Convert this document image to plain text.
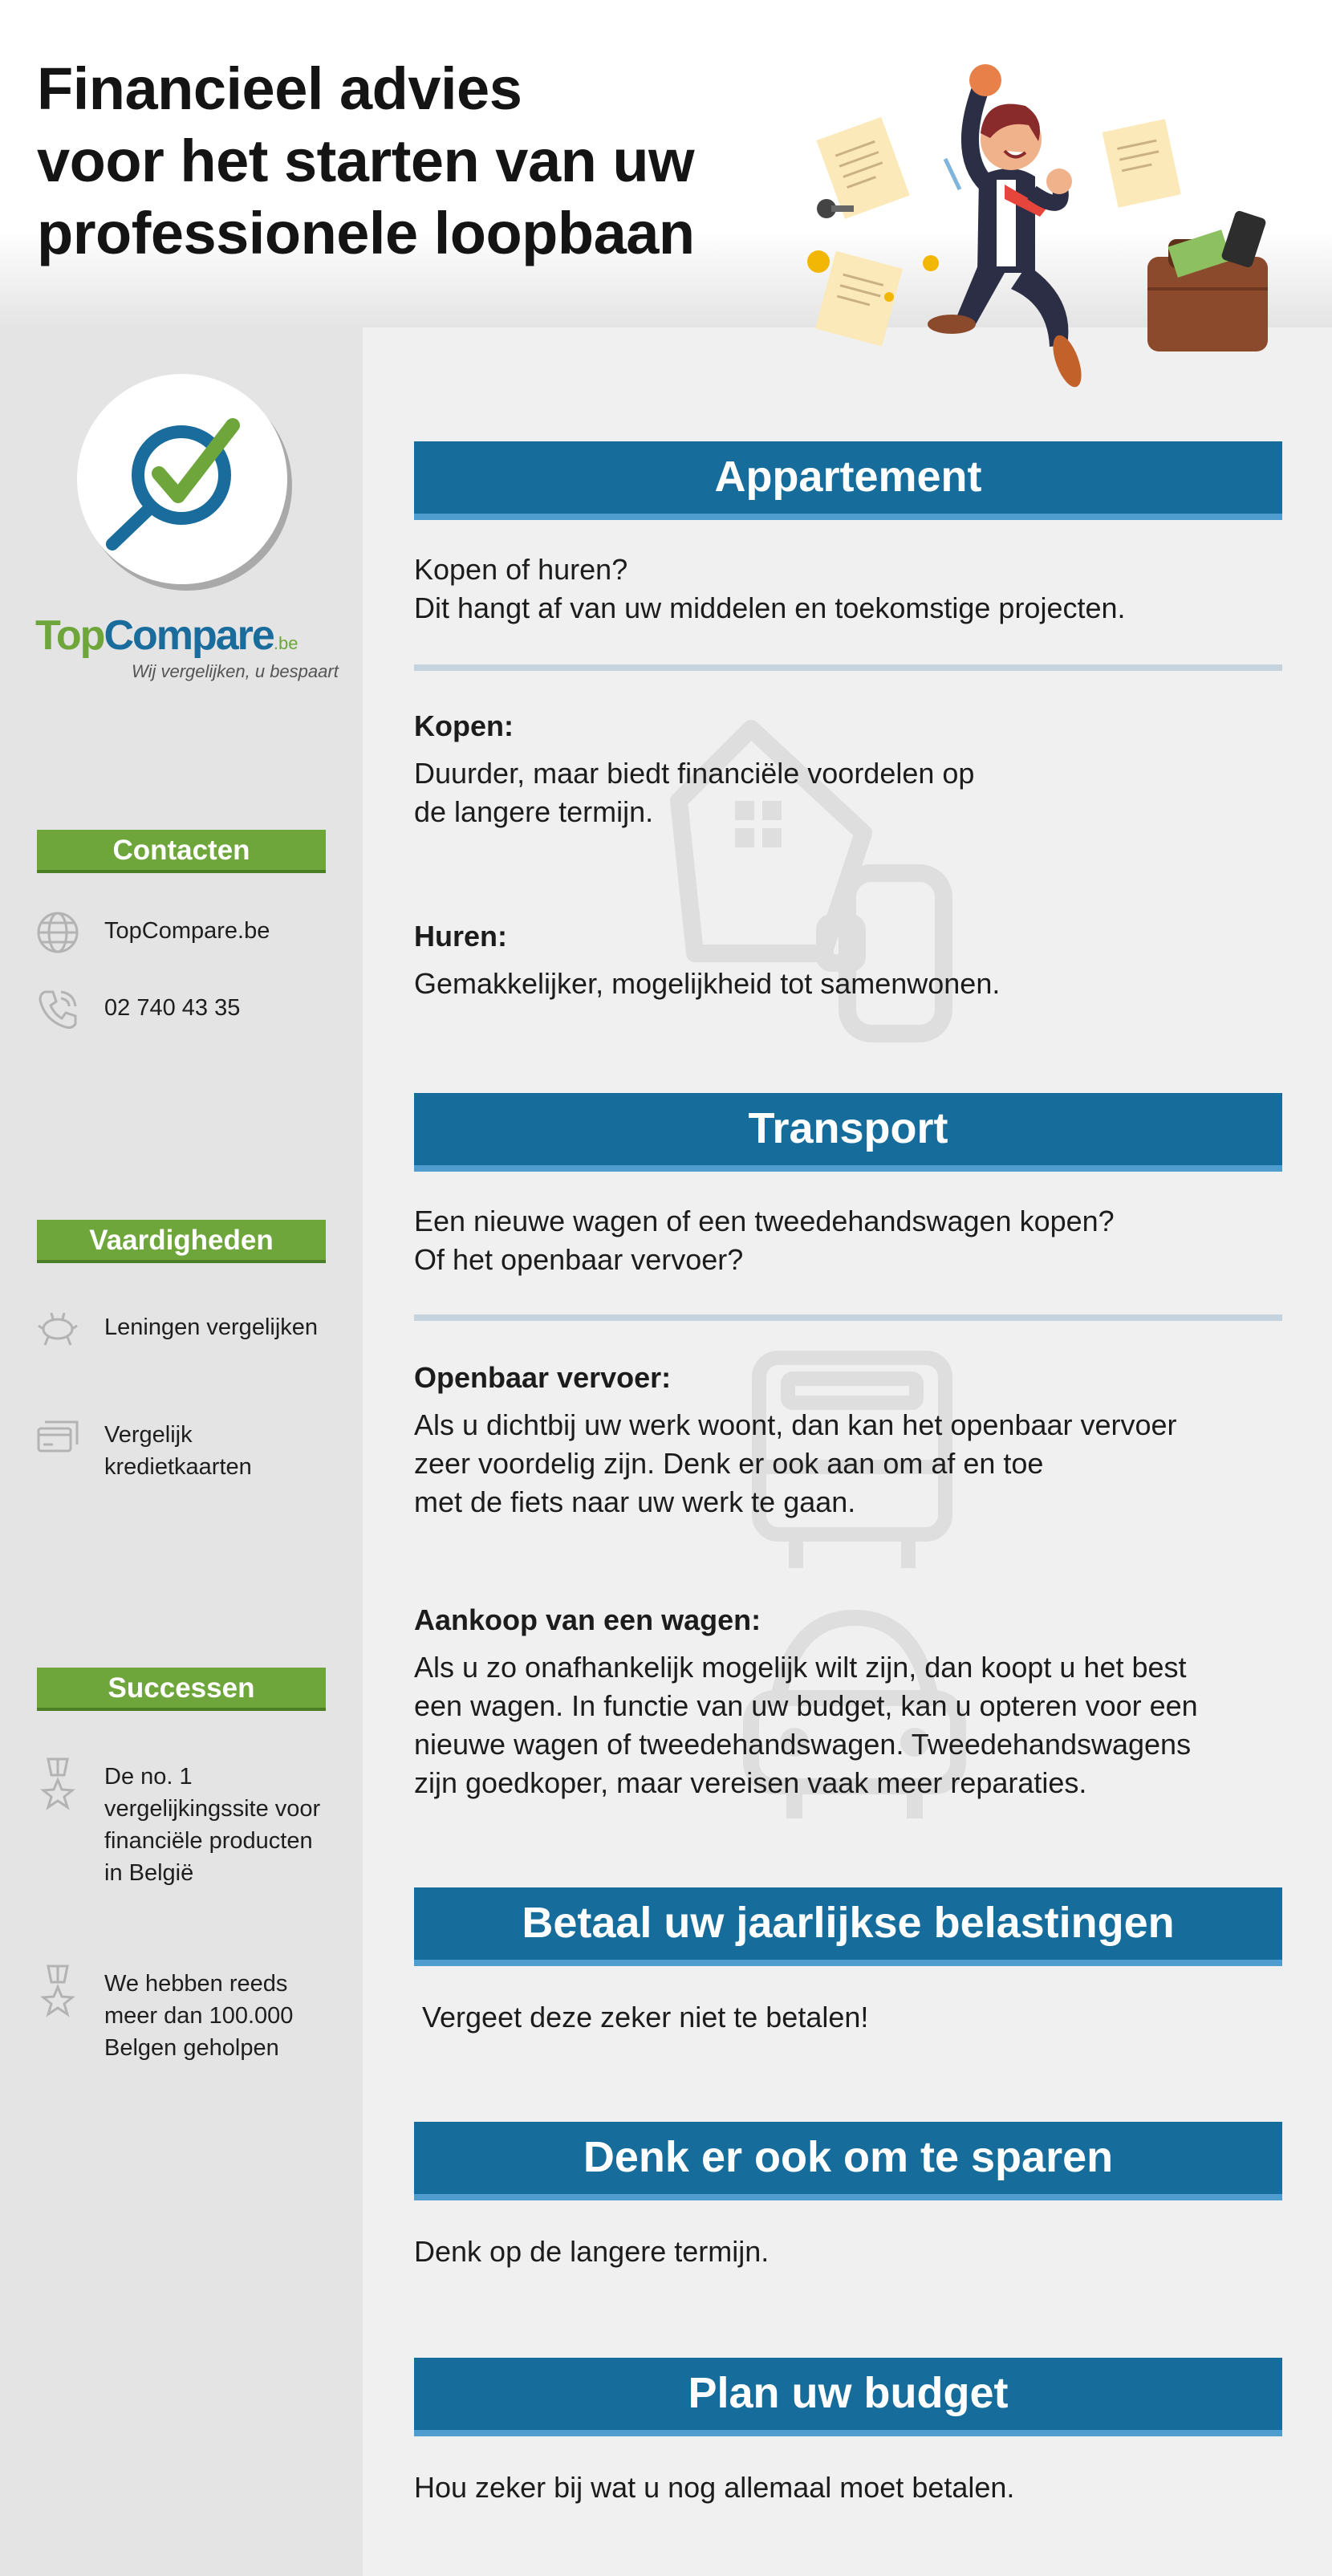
Financieel advies
voor het starten van uw
professionele loopbaan
TopCompare.be
Wij vergelijken, u bespaart
Contacten
TopCompare.be
02 740 43 35
Vaardigheden
Leningen vergelijken
Vergelijk kredietkaarten
Successen
De no. 1 vergelijkingssite voor financiële producten in België
We hebben reeds meer dan 100.000 Belgen geholpen
Appartement
Kopen of huren?
Dit hangt af van uw middelen en toekomstige projecten.
Kopen:
Duurder, maar biedt financiële voordelen op
de langere termijn.
Huren:
Gemakkelijker, mogelijkheid tot samenwonen.
Transport
Een nieuwe wagen of een tweedehandswagen kopen?
Of het openbaar vervoer?
Openbaar vervoer:
Als u dichtbij uw werk woont, dan kan het openbaar vervoer
zeer voordelig zijn. Denk er ook aan om af en toe
met de fiets naar uw werk te gaan.
Aankoop van een wagen:
Als u zo onafhankelijk mogelijk wilt zijn, dan koopt u het best
een wagen. In functie van uw budget, kan u opteren voor een
nieuwe wagen of tweedehandswagen. Tweedehandswagens
zijn goedkoper, maar vereisen vaak meer reparaties.
Betaal uw jaarlijkse belastingen
Vergeet deze zeker niet te betalen!
Denk er ook om te sparen
Denk op de langere termijn.
Plan uw budget
Hou zeker bij wat u nog allemaal moet betalen.
